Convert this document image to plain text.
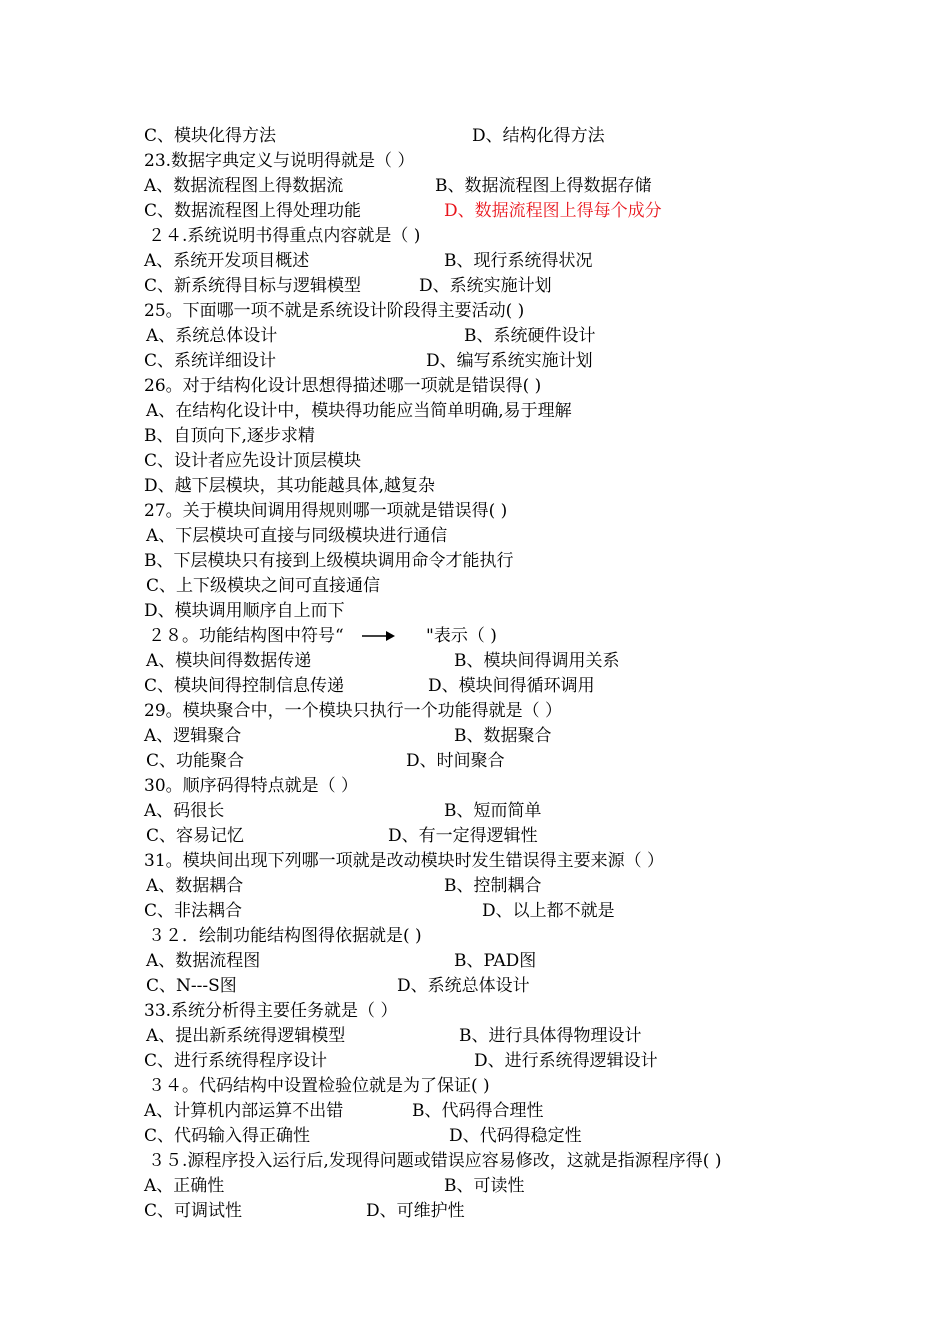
C、模块化得方法	D、结构化得方法
23.数据字典定义与说明得就是（ ）
A、数据流程图上得数据流	B、数据流程图上得数据存储
C、数据流程图上得处理功能	D、数据流程图上得每个成分
２４.系统说明书得重点内容就是（ )
A、系统开发项目概述	B、现行系统得状况
C、新系统得目标与逻辑模型	D、系统实施计划
25。下面哪一项不就是系统设计阶段得主要活动( )
A、系统总体设计	B、系统硬件设计
C、系统详细设计	D、编写系统实施计划
26。对于结构化设计思想得描述哪一项就是错误得( )
A、在结构化设计中，模块得功能应当简单明确,易于理解
B、自顶向下,逐步求精
C、设计者应先设计顶层模块
D、越下层模块，其功能越具体,越复杂
27。关于模块间调用得规则哪一项就是错误得( )
A、下层模块可直接与同级模块进行通信
B、下层模块只有接到上级模块调用命令才能执行
C、上下级模块之间可直接通信
D、模块调用顺序自上而下
２８。功能结构图中符号“	"表示（ )
A、模块间得数据传递	B、模块间得调用关系
C、模块间得控制信息传递	D、模块间得循环调用
29。模块聚合中，一个模块只执行一个功能得就是（ ）
A、逻辑聚合	B、数据聚合
C、功能聚合	D、时间聚合
30。顺序码得特点就是（ ）
A、码很长	B、短而简单
C、容易记忆	D、有一定得逻辑性
31。模块间出现下列哪一项就是改动模块时发生错误得主要来源（ ）
A、数据耦合	B、控制耦合
C、非法耦合	D、以上都不就是
３２．绘制功能结构图得依据就是( )
A、数据流程图	B、PAD图
C、N---S图	D、系统总体设计
33.系统分析得主要任务就是（ ）
A、提出新系统得逻辑模型	B、进行具体得物理设计
C、进行系统得程序设计	D、进行系统得逻辑设计
３４。代码结构中设置检验位就是为了保证( )
A、计算机内部运算不出错	B、代码得合理性
C、代码输入得正确性	D、代码得稳定性
３５.源程序投入运行后,发现得问题或错误应容易修改，这就是指源程序得( )
A、正确性	B、可读性
C、可调试性	D、可维护性
